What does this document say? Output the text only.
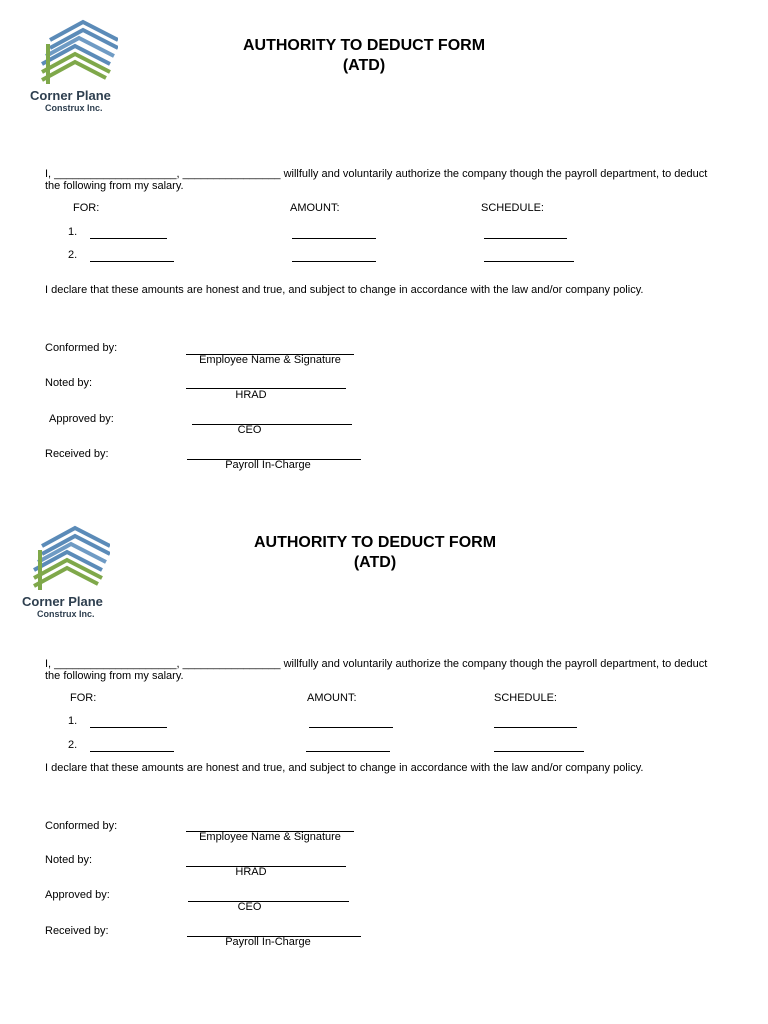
Corner Plane
Construx Inc.
AUTHORITY TO DEDUCT FORM
(ATD)
I, ____________________, ________________ willfully and voluntarily authorize the company though the payroll department, to deduct the following from my salary.
FOR:	AMOUNT:	SCHEDULE:
1.
2.
I declare that these amounts are honest and true, and subject to change in accordance with the law and/or company policy.
Conformed by:
Employee Name & Signature
Noted by:
HRAD
Approved by:
CEO
Received by:
Payroll In-Charge
Corner Plane
Construx Inc.
AUTHORITY TO DEDUCT FORM
(ATD)
I, ____________________, ________________ willfully and voluntarily authorize the company though the payroll department, to deduct the following from my salary.
FOR:	AMOUNT:	SCHEDULE:
1.
2.
I declare that these amounts are honest and true, and subject to change in accordance with the law and/or company policy.
Conformed by:
Employee Name & Signature
Noted by:
HRAD
Approved by:
CEO
Received by:
Payroll In-Charge
